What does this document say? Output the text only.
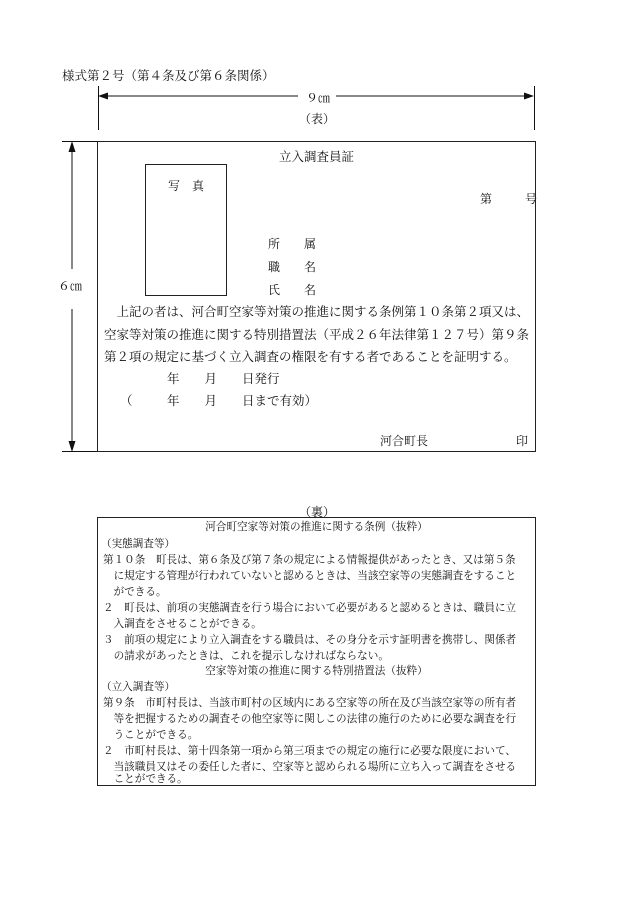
様式第２号（第４条及び第６条関係）
９㎝
（表）
６㎝
立入調査員証
写　真
第　　号
所　　属
職　　名
氏　　名
　上記の者は、河合町空家等対策の推進に関する条例第１０条第２項又は、
空家等対策の推進に関する特別措置法（平成２６年法律第１２７号）第９条
第２項の規定に基づく立入調査の権限を有する者であることを証明する。
年　　月　　日発行
（	年　　月　　日まで有効）
河合町長	印
（裏）
河合町空家等対策の推進に関する条例（抜粋）
（実態調査等）
第１０条　町長は、第６条及び第７条の規定による情報提供があったとき、又は第５条
　に規定する管理が行われていないと認めるときは、当該空家等の実態調査をすること
　ができる。
２　町長は、前項の実態調査を行う場合において必要があると認めるときは、職員に立
　入調査をさせることができる。
３　前項の規定により立入調査をする職員は、その身分を示す証明書を携帯し、関係者
　の請求があったときは、これを提示しなければならない。
空家等対策の推進に関する特別措置法（抜粋）
（立入調査等）
第９条　市町村長は、当該市町村の区域内にある空家等の所在及び当該空家等の所有者
　等を把握するための調査その他空家等に関しこの法律の施行のために必要な調査を行
　うことができる。
２　市町村長は、第十四条第一項から第三項までの規定の施行に必要な限度において、
　当該職員又はその委任した者に、空家等と認められる場所に立ち入って調査をさせる
　ことができる。
